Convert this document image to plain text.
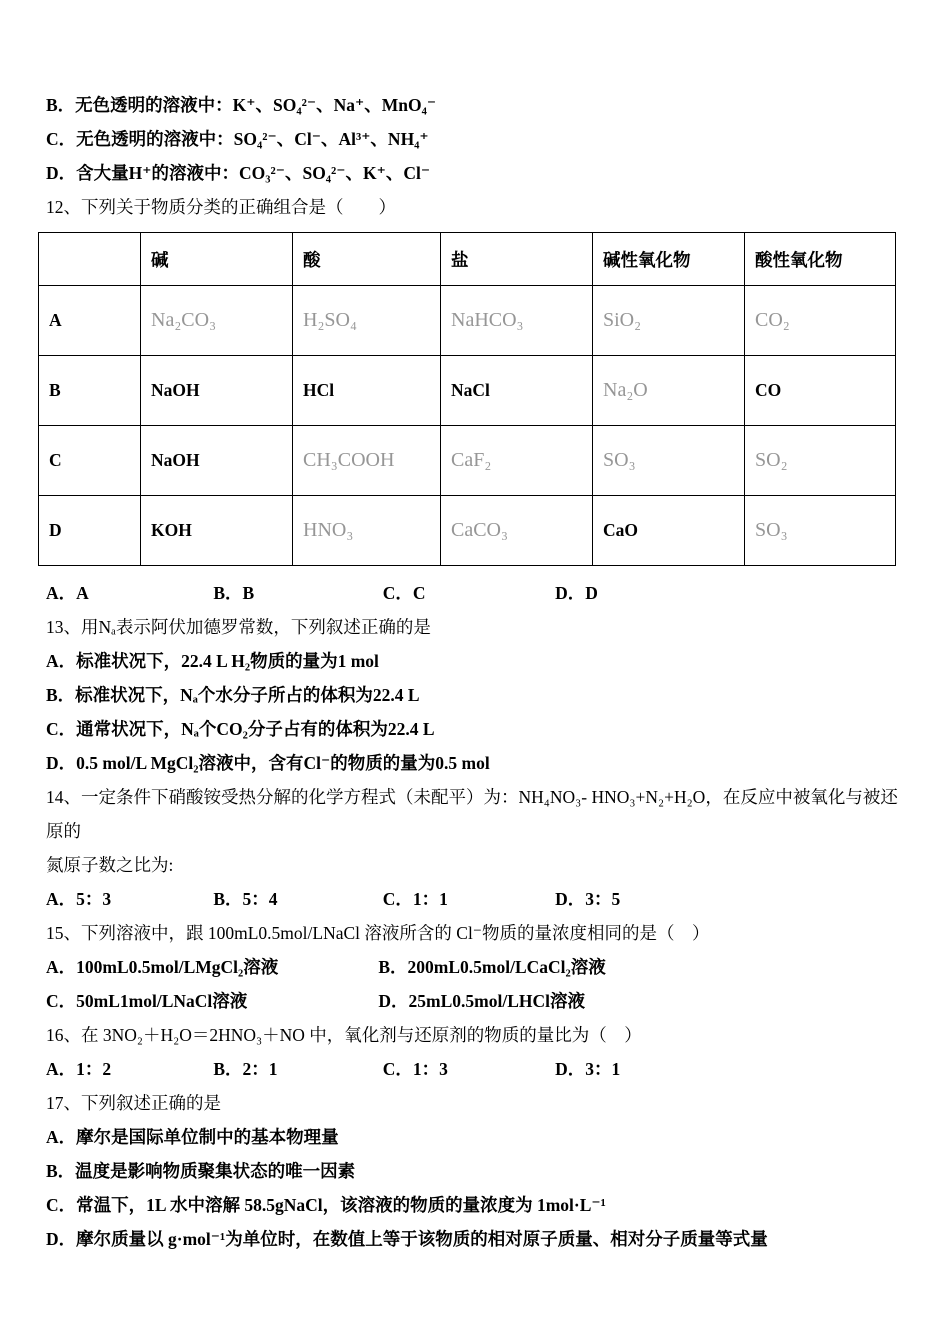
B．无色透明的溶液中：K⁺、SO₄²⁻、Na⁺、MnO₄⁻
C．无色透明的溶液中：SO₄²⁻、Cl⁻、Al³⁺、NH₄⁺
D．含大量H⁺的溶液中：CO₃²⁻、SO₄²⁻、K⁺、Cl⁻
12、下列关于物质分类的正确组合是（　　）
	碱	酸	盐	碱性氧化物	酸性氧化物
A	Na₂CO₃	H₂SO₄	NaHCO₃	SiO₂	CO₂
B	NaOH	HCl	NaCl	Na₂O	CO
C	NaOH	CH₃COOH	CaF₂	SO₃	SO₂
D	KOH	HNO₃	CaCO₃	CaO	SO₃
A．A	B．B	C．C	D．D
13、用Nₐ表示阿伏加德罗常数，下列叙述正确的是
A．标准状况下，22.4 L H₂物质的量为1 mol
B．标准状况下，Nₐ个水分子所占的体积为22.4 L
C．通常状况下，Nₐ个CO₂分子占有的体积为22.4 L
D．0.5 mol/L MgCl₂溶液中，含有Cl⁻的物质的量为0.5 mol
14、一定条件下硝酸铵受热分解的化学方程式（未配平）为：NH₄NO₃- HNO₃+N₂+H₂O，在反应中被氧化与被还原的
氮原子数之比为:
A．5：3	B．5：4	C．1：1	D．3：5
15、下列溶液中，跟 100mL0.5mol/LNaCl 溶液所含的 Cl⁻物质的量浓度相同的是（　）
A．100mL0.5mol/LMgCl₂溶液	B．200mL0.5mol/LCaCl₂溶液
C．50mL1mol/LNaCl溶液	D．25mL0.5mol/LHCl溶液
16、在 3NO₂＋H₂O＝2HNO₃＋NO 中，氧化剂与还原剂的物质的量比为（　）
A．1：2	B．2：1	C．1：3	D．3：1
17、下列叙述正确的是
A．摩尔是国际单位制中的基本物理量
B．温度是影响物质聚集状态的唯一因素
C．常温下，1L 水中溶解 58.5gNaCl，该溶液的物质的量浓度为 1mol·L⁻¹
D．摩尔质量以 g·mol⁻¹为单位时，在数值上等于该物质的相对原子质量、相对分子质量等式量
